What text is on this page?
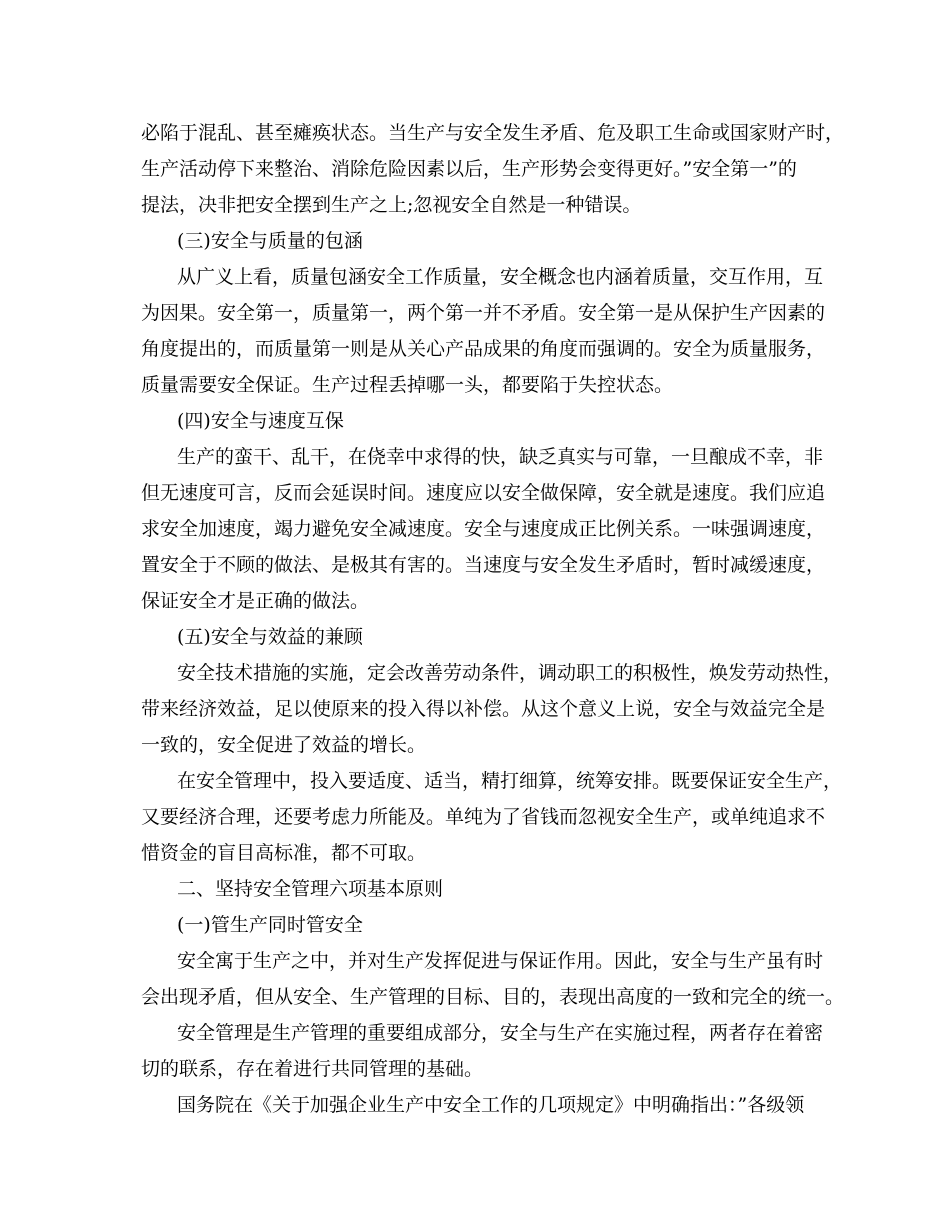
必陷于混乱、甚至瘫痪状态。当生产与安全发生矛盾、危及职工生命或国家财产时，
生产活动停下来整治、消除危险因素以后，生产形势会变得更好。”安全第一”的
提法，决非把安全摆到生产之上;忽视安全自然是一种错误。
(三)安全与质量的包涵
从广义上看，质量包涵安全工作质量，安全概念也内涵着质量，交互作用，互
为因果。安全第一，质量第一，两个第一并不矛盾。安全第一是从保护生产因素的
角度提出的，而质量第一则是从关心产品成果的角度而强调的。安全为质量服务，
质量需要安全保证。生产过程丢掉哪一头，都要陷于失控状态。
(四)安全与速度互保
生产的蛮干、乱干，在侥幸中求得的快，缺乏真实与可靠，一旦酿成不幸，非
但无速度可言，反而会延误时间。速度应以安全做保障，安全就是速度。我们应追
求安全加速度，竭力避免安全减速度。安全与速度成正比例关系。一味强调速度，
置安全于不顾的做法、是极其有害的。当速度与安全发生矛盾时，暂时减缓速度，
保证安全才是正确的做法。
(五)安全与效益的兼顾
安全技术措施的实施，定会改善劳动条件，调动职工的积极性，焕发劳动热性，
带来经济效益，足以使原来的投入得以补偿。从这个意义上说，安全与效益完全是
一致的，安全促进了效益的增长。
在安全管理中，投入要适度、适当，精打细算，统筹安排。既要保证安全生产，
又要经济合理，还要考虑力所能及。单纯为了省钱而忽视安全生产，或单纯追求不
惜资金的盲目高标准，都不可取。
二、坚持安全管理六项基本原则
(一)管生产同时管安全
安全寓于生产之中，并对生产发挥促进与保证作用。因此，安全与生产虽有时
会出现矛盾，但从安全、生产管理的目标、目的，表现出高度的一致和完全的统一。
安全管理是生产管理的重要组成部分，安全与生产在实施过程，两者存在着密
切的联系，存在着进行共同管理的基础。
国务院在《关于加强企业生产中安全工作的几项规定》中明确指出：”各级领
